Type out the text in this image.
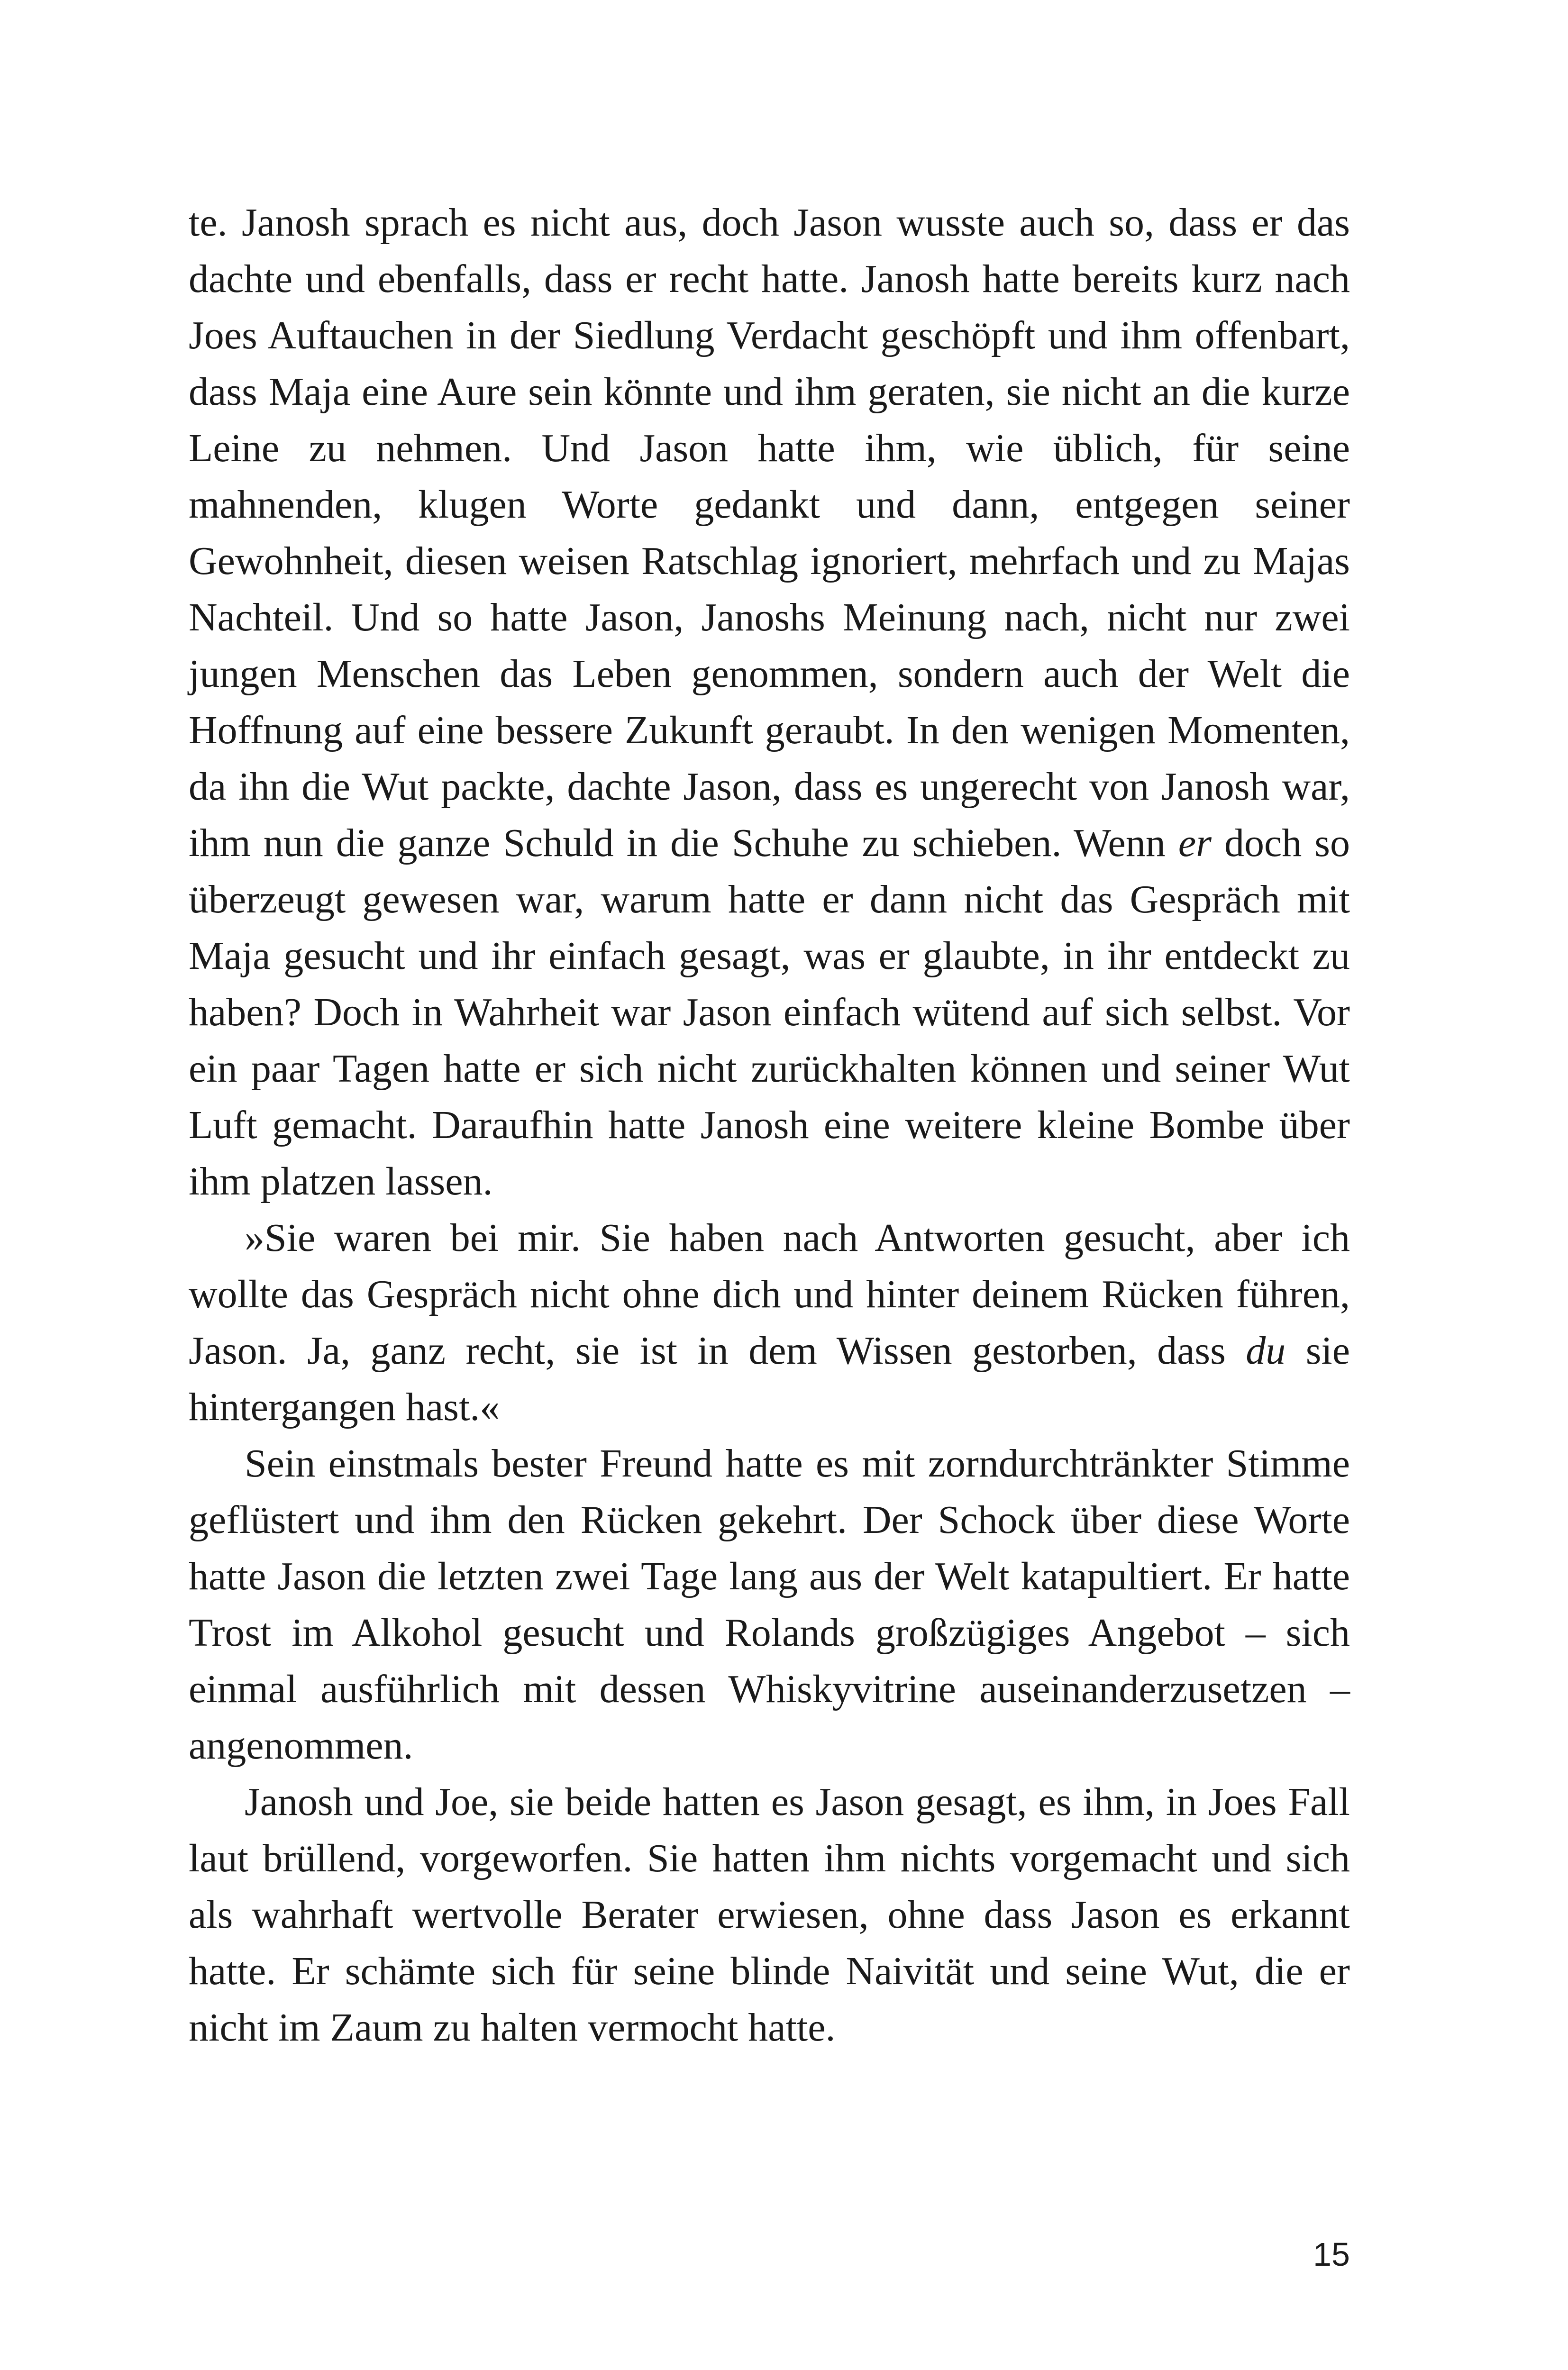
te. Janosh sprach es nicht aus, doch Jason wusste auch so, dass er das dachte und ebenfalls, dass er recht hatte. Janosh hatte bereits kurz nach Joes Auftauchen in der Siedlung Verdacht geschöpft und ihm offenbart, dass Maja eine Aure sein könnte und ihm geraten, sie nicht an die kurze Leine zu nehmen. Und Jason hatte ihm, wie üblich, für seine mahnenden, klugen Worte gedankt und dann, entgegen seiner Gewohnheit, diesen weisen Ratschlag ignoriert, mehrfach und zu Majas Nachteil. Und so hatte Jason, Janoshs Meinung nach, nicht nur zwei jungen Menschen das Leben genommen, sondern auch der Welt die Hoffnung auf eine bessere Zukunft geraubt. In den wenigen Momenten, da ihn die Wut packte, dachte Jason, dass es ungerecht von Janosh war, ihm nun die ganze Schuld in die Schuhe zu schieben. Wenn er doch so überzeugt gewesen war, warum hatte er dann nicht das Gespräch mit Maja gesucht und ihr einfach gesagt, was er glaubte, in ihr entdeckt zu haben? Doch in Wahrheit war Jason einfach wütend auf sich selbst. Vor ein paar Tagen hatte er sich nicht zurückhalten können und seiner Wut Luft gemacht. Daraufhin hatte Janosh eine weitere kleine Bombe über ihm platzen lassen.

»Sie waren bei mir. Sie haben nach Antworten gesucht, aber ich wollte das Gespräch nicht ohne dich und hinter deinem Rücken führen, Jason. Ja, ganz recht, sie ist in dem Wissen gestorben, dass du sie hintergangen hast.«

Sein einstmals bester Freund hatte es mit zorndurchtränkter Stimme geflüstert und ihm den Rücken gekehrt. Der Schock über diese Worte hatte Jason die letzten zwei Tage lang aus der Welt katapultiert. Er hatte Trost im Alkohol gesucht und Rolands großzügiges Angebot – sich einmal ausführlich mit dessen Whiskyvitrine auseinanderzusetzen – angenommen.

Janosh und Joe, sie beide hatten es Jason gesagt, es ihm, in Joes Fall laut brüllend, vorgeworfen. Sie hatten ihm nichts vorgemacht und sich als wahrhaft wertvolle Berater erwiesen, ohne dass Jason es erkannt hatte. Er schämte sich für seine blinde Naivität und seine Wut, die er nicht im Zaum zu halten vermocht hatte.

15
